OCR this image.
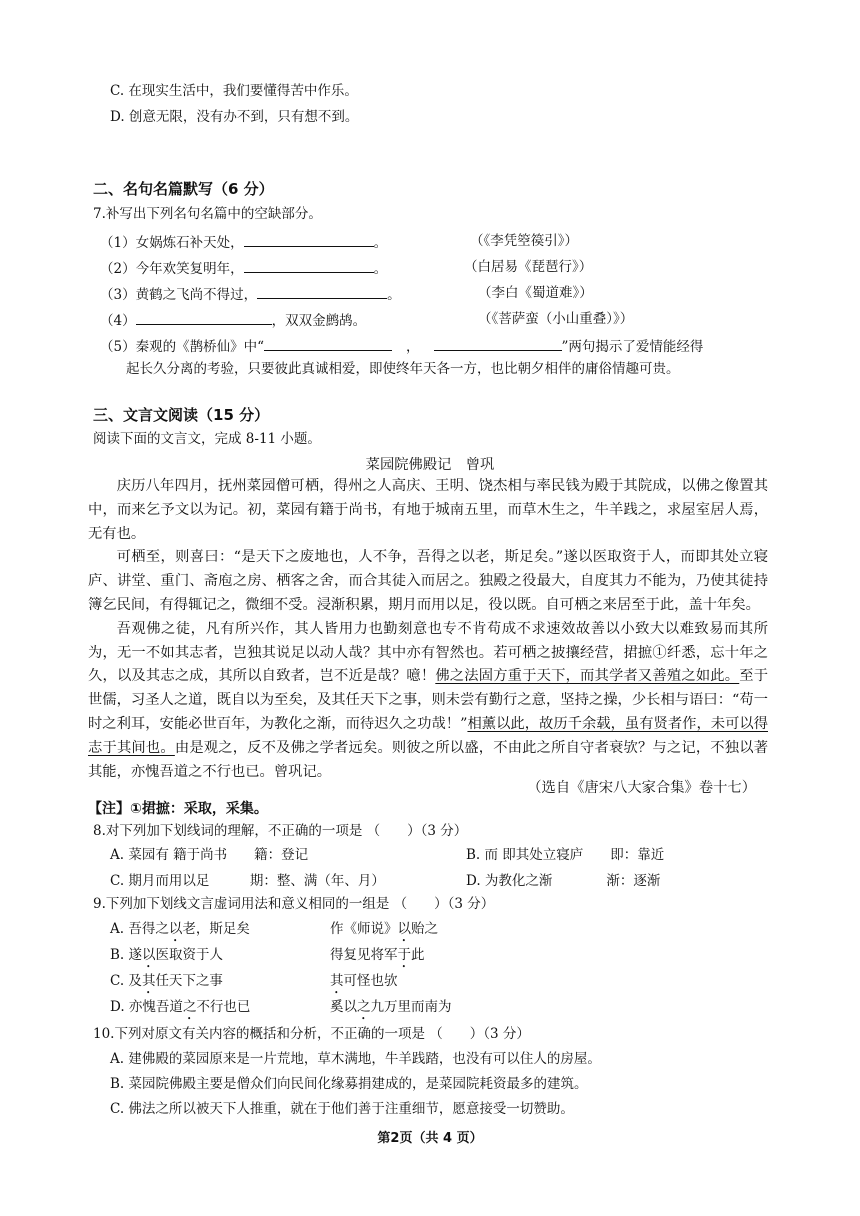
C. 在现实生活中，我们要懂得苦中作乐。
D. 创意无限，没有办不到，只有想不到。
二、名句名篇默写（6 分）
7.补写出下列名句名篇中的空缺部分。
（1）女娲炼石补天处，	。	（《李凭箜篌引》）
（2）今年欢笑复明年，	。	（白居易《琵琶行》）
（3）黄鹤之飞尚不得过，	。	（李白《蜀道难》）
（4）	，双双金鹧鸪。	（《菩萨蛮（小山重叠）》）
（5）秦观的《鹊桥仙》中“	，	”两句揭示了爱情能经得
起长久分离的考验，只要彼此真诚相爱，即使终年天各一方，也比朝夕相伴的庸俗情趣可贵。
三、文言文阅读（15 分）
阅读下面的文言文，完成 8-11 小题。
菜园院佛殿记　曾巩

庆历八年四月，抚州菜园僧可栖，得州之人高庆、王明、饶杰相与率民钱为殿于其院成，以佛之像置其中，而来乞予文以为记。初，菜园有籍于尚书，有地于城南五里，而草木生之，牛羊践之，求屋室居人焉，无有也。

可栖至，则喜曰：“是天下之废地也，人不争，吾得之以老，斯足矣。”遂以医取资于人，而即其处立寝庐、讲堂、重门、斋庖之房、栖客之舍，而合其徒入而居之。独殿之役最大，自度其力不能为，乃使其徒持簿乞民间，有得辄记之，微细不受。浸渐积累，期月而用以足，役以既。自可栖之来居至于此，盖十年矣。

吾观佛之徒，凡有所兴作，其人皆用力也勤刻意也专不肯苟成不求速效故善以小致大以难致易而其所为，无一不如其志者，岂独其说足以动人哉？其中亦有智然也。若可栖之披攘经营，捃摭①纤悉，忘十年之久，以及其志之成，其所以自致者，岂不近是哉？噫！佛之法固方重于天下，而其学者又善殖之如此。至于世儒，习圣人之道，既自以为至矣，及其任天下之事，则未尝有勤行之意，坚持之操，少长相与语曰：“苟一时之利耳，安能必世百年，为教化之渐，而待迟久之功哉！”相薰以此，故历千余载，虽有贤者作，未可以得志于其间也。由是观之，反不及佛之学者远矣。则彼之所以盛，不由此之所自守者衰欤？与之记，不独以著其能，亦愧吾道之不行也已。曾巩记。

（选自《唐宋八大家合集》卷十七）
【注】①捃摭：采取，采集。
8.对下列加下划线词的理解，不正确的一项是 （　　）（3 分）
A. 菜园有 籍于尚书　　籍：登记	B. 而 即其处立寝庐　　即：靠近
C. 期月而用以足　　　期：整、满（年、月）	D. 为教化之渐　　　　渐：逐渐
9.下列加下划线文言虚词用法和意义相同的一组是 （　　）（3 分）
A. 吾得之以老，斯足矣	作《师说》以贻之
B. 遂以医取资于人	得复见将军于此
C. 及其任天下之事	其可怪也欤
D. 亦愧吾道之不行也已	奚以之九万里而南为
10.下列对原文有关内容的概括和分析，不正确的一项是 （　　）（3 分）
A. 建佛殿的菜园原来是一片荒地，草木满地，牛羊践踏，也没有可以住人的房屋。
B. 菜园院佛殿主要是僧众们向民间化缘募捐建成的，是菜园院耗资最多的建筑。
C. 佛法之所以被天下人推重，就在于他们善于注重细节，愿意接受一切赞助。
第2页（共 4 页）
